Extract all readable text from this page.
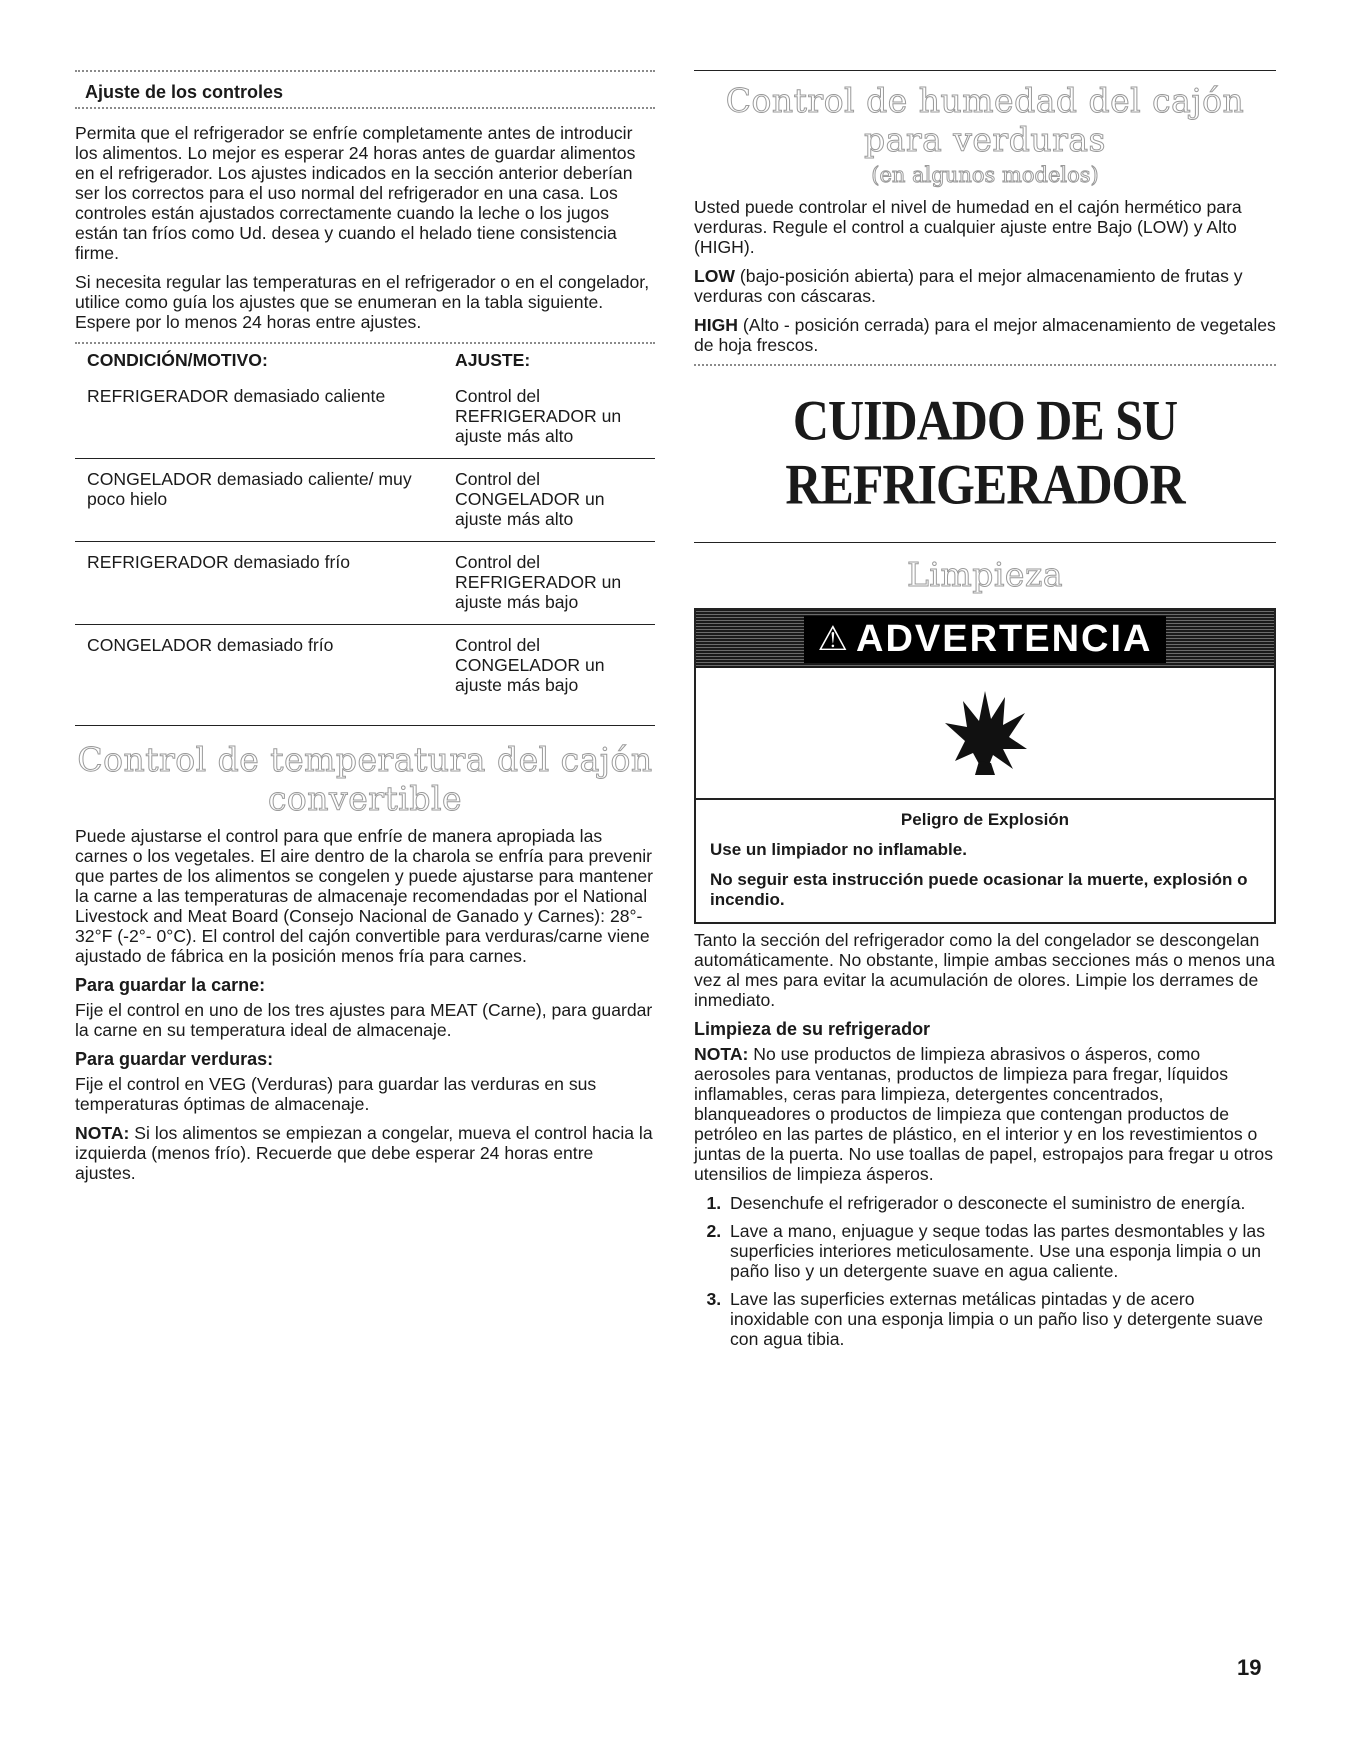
Ajuste de los controles

Permita que el refrigerador se enfríe completamente antes de introducir los alimentos. Lo mejor es esperar 24 horas antes de guardar alimentos en el refrigerador. Los ajustes indicados en la sección anterior deberían ser los correctos para el uso normal del refrigerador en una casa. Los controles están ajustados correctamente cuando la leche o los jugos están tan fríos como Ud. desea y cuando el helado tiene consistencia firme.

Si necesita regular las temperaturas en el refrigerador o en el congelador, utilice como guía los ajustes que se enumeran en la tabla siguiente. Espere por lo menos 24 horas entre ajustes.

CONDICIÓN/MOTIVO:	AJUSTE:
REFRIGERADOR demasiado caliente	Control del REFRIGERADOR un ajuste más alto
CONGELADOR demasiado caliente/ muy poco hielo	Control del CONGELADOR un ajuste más alto
REFRIGERADOR demasiado frío	Control del REFRIGERADOR un ajuste más bajo
CONGELADOR demasiado frío	Control del CONGELADOR un ajuste más bajo
Control de temperatura del cajón convertible

Puede ajustarse el control para que enfríe de manera apropiada las carnes o los vegetales. El aire dentro de la charola se enfría para prevenir que partes de los alimentos se congelen y puede ajustarse para mantener la carne a las temperaturas de almacenaje recomendadas por el National Livestock and Meat Board (Consejo Nacional de Ganado y Carnes): 28°- 32°F (-2°- 0°C). El control del cajón convertible para verduras/carne viene ajustado de fábrica en la posición menos fría para carnes.

Para guardar la carne:

Fije el control en uno de los tres ajustes para MEAT (Carne), para guardar la carne en su temperatura ideal de almacenaje.

Para guardar verduras:

Fije el control en VEG (Verduras) para guardar las verduras en sus temperaturas óptimas de almacenaje.

NOTA: Si los alimentos se empiezan a congelar, mueva el control hacia la izquierda (menos frío). Recuerde que debe esperar 24 horas entre ajustes.

Control de humedad del cajón para verduras
(en algunos modelos)

Usted puede controlar el nivel de humedad en el cajón hermético para verduras. Regule el control a cualquier ajuste entre Bajo (LOW) y Alto (HIGH).

LOW (bajo-posición abierta) para el mejor almacenamiento de frutas y verduras con cáscaras.

HIGH (Alto - posición cerrada) para el mejor almacenamiento de vegetales de hoja frescos.

CUIDADO DE SU
REFRIGERADOR
Limpieza
⚠ ADVERTENCIA
Peligro de Explosión
Use un limpiador no inflamable.
No seguir esta instrucción puede ocasionar la muerte, explosión o incendio.

Tanto la sección del refrigerador como la del congelador se descongelan automáticamente. No obstante, limpie ambas secciones más o menos una vez al mes para evitar la acumulación de olores. Limpie los derrames de inmediato.

Limpieza de su refrigerador

NOTA: No use productos de limpieza abrasivos o ásperos, como aerosoles para ventanas, productos de limpieza para fregar, líquidos inflamables, ceras para limpieza, detergentes concentrados, blanqueadores o productos de limpieza que contengan productos de petróleo en las partes de plástico, en el interior y en los revestimientos o juntas de la puerta. No use toallas de papel, estropajos para fregar u otros utensilios de limpieza ásperos.

1. Desenchufe el refrigerador o desconecte el suministro de energía.
2. Lave a mano, enjuague y seque todas las partes desmontables y las superficies interiores meticulosamente. Use una esponja limpia o un paño liso y un detergente suave en agua caliente.
3. Lave las superficies externas metálicas pintadas y de acero inoxidable con una esponja limpia o un paño liso y detergente suave con agua tibia.
19
